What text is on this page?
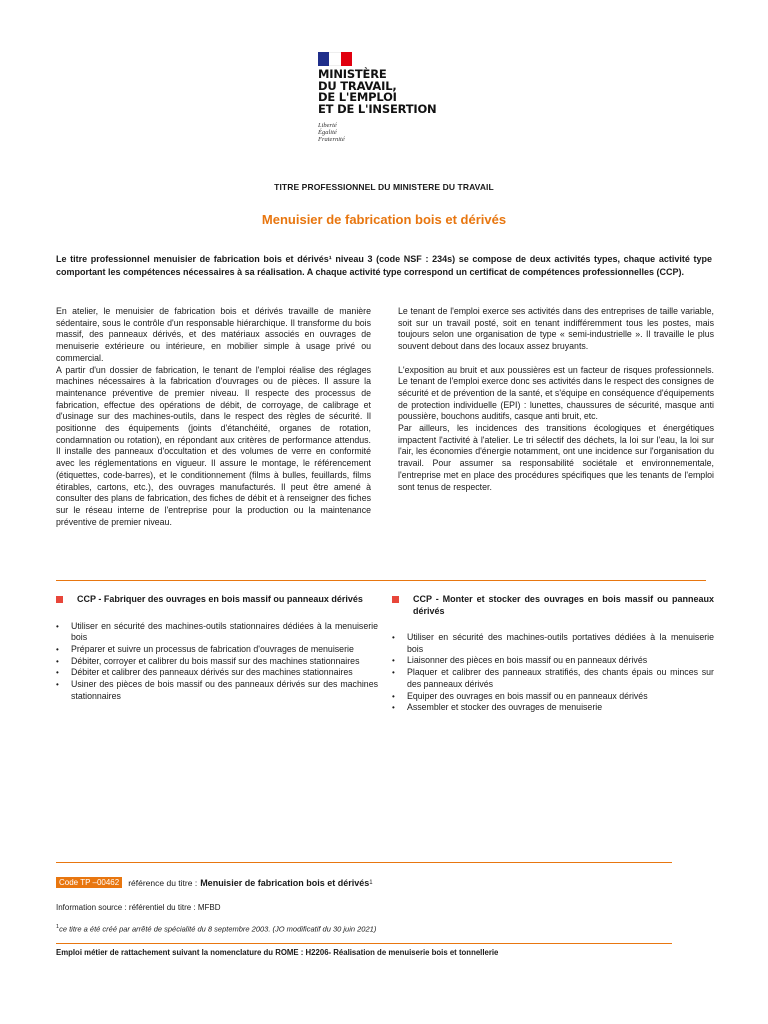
MINISTÈRE
DU TRAVAIL,
DE L'EMPLOI
ET DE L'INSERTION
Liberté
Égalité
Fraternité
TITRE PROFESSIONNEL DU MINISTERE DU TRAVAIL
Menuisier de fabrication bois et dérivés
Le titre professionnel menuisier de fabrication bois et dérivés¹ niveau 3 (code NSF : 234s) se compose de deux activités types, chaque activité type comportant les compétences nécessaires à sa réalisation. A chaque activité type correspond un certificat de compétences professionnelles (CCP).

En atelier, le menuisier de fabrication bois et dérivés travaille de manière sédentaire, sous le contrôle d'un responsable hiérarchique. Il transforme du bois massif, des panneaux dérivés, et des matériaux associés en ouvrages de menuiserie extérieure ou intérieure, en mobilier simple à usage privé ou commercial.

A partir d'un dossier de fabrication, le tenant de l'emploi réalise des réglages machines nécessaires à la fabrication d'ouvrages ou de pièces. Il assure la maintenance préventive de premier niveau. Il respecte des processus de fabrication, effectue des opérations de débit, de corroyage, de calibrage et d'usinage sur des machines-outils, dans le respect des règles de sécurité. Il positionne des équipements (joints d'étanchéité, organes de rotation, condamnation ou rotation), en répondant aux critères de performance attendus. Il installe des panneaux d'occultation et des volumes de verre en conformité avec les réglementations en vigueur. Il assure le montage, le référencement (étiquettes, code-barres), et le conditionnement (films à bulles, feuillards, films étirables, cartons, etc.), des ouvrages manufacturés. Il peut être amené à consulter des plans de fabrication, des fiches de débit et à renseigner des fiches sur le réseau interne de l'entreprise pour la production ou la maintenance préventive de premier niveau.

Le tenant de l'emploi exerce ses activités dans des entreprises de taille variable, soit sur un travail posté, soit en tenant indifféremment tous les postes, mais toujours selon une organisation de type « semi-industrielle ». Il travaille le plus souvent debout dans des locaux assez bruyants.

L'exposition au bruit et aux poussières est un facteur de risques professionnels. Le tenant de l'emploi exerce donc ses activités dans le respect des consignes de sécurité et de prévention de la santé, et s'équipe en conséquence d'équipements de protection individuelle (EPI) : lunettes, chaussures de sécurité, masque anti poussière, bouchons auditifs, casque anti bruit, etc.

Par ailleurs, les incidences des transitions écologiques et énergétiques impactent l'activité à l'atelier. Le tri sélectif des déchets, la loi sur l'eau, la loi sur l'air, les économies d'énergie notamment, ont une incidence sur l'organisation du travail. Pour assumer sa responsabilité sociétale et environnementale, l'entreprise met en place des procédures spécifiques que les tenants de l'emploi sont tenus de respecter.

CCP - Fabriquer des ouvrages en bois massif ou panneaux dérivés
•	Utiliser en sécurité des machines-outils stationnaires dédiées à la menuiserie bois
•	Préparer et suivre un processus de fabrication d'ouvrages de menuiserie
•	Débiter, corroyer et calibrer du bois massif sur des machines stationnaires
•	Débiter et calibrer des panneaux dérivés sur des machines stationnaires
•	Usiner des pièces de bois massif ou des panneaux dérivés sur des machines stationnaires
CCP - Monter et stocker des ouvrages en bois massif ou panneaux dérivés
•	Utiliser en sécurité des machines-outils portatives dédiées à la menuiserie bois
•	Liaisonner des pièces en bois massif ou en panneaux dérivés
•	Plaquer et calibrer des panneaux stratifiés, des chants épais ou minces sur des panneaux dérivés
•	Equiper des ouvrages en bois massif ou en panneaux dérivés
•	Assembler et stocker des ouvrages de menuiserie
Code TP –00462	référence du titre : Menuisier de fabrication bois et dérivés 1
Information source : référentiel du titre : MFBD
$^1$ce titre a été créé par arrêté de spécialité du 8 septembre 2003. (JO modificatif du 30 juin 2021)
Emploi métier de rattachement suivant la nomenclature du ROME : H2206- Réalisation de menuiserie bois et tonnellerie
